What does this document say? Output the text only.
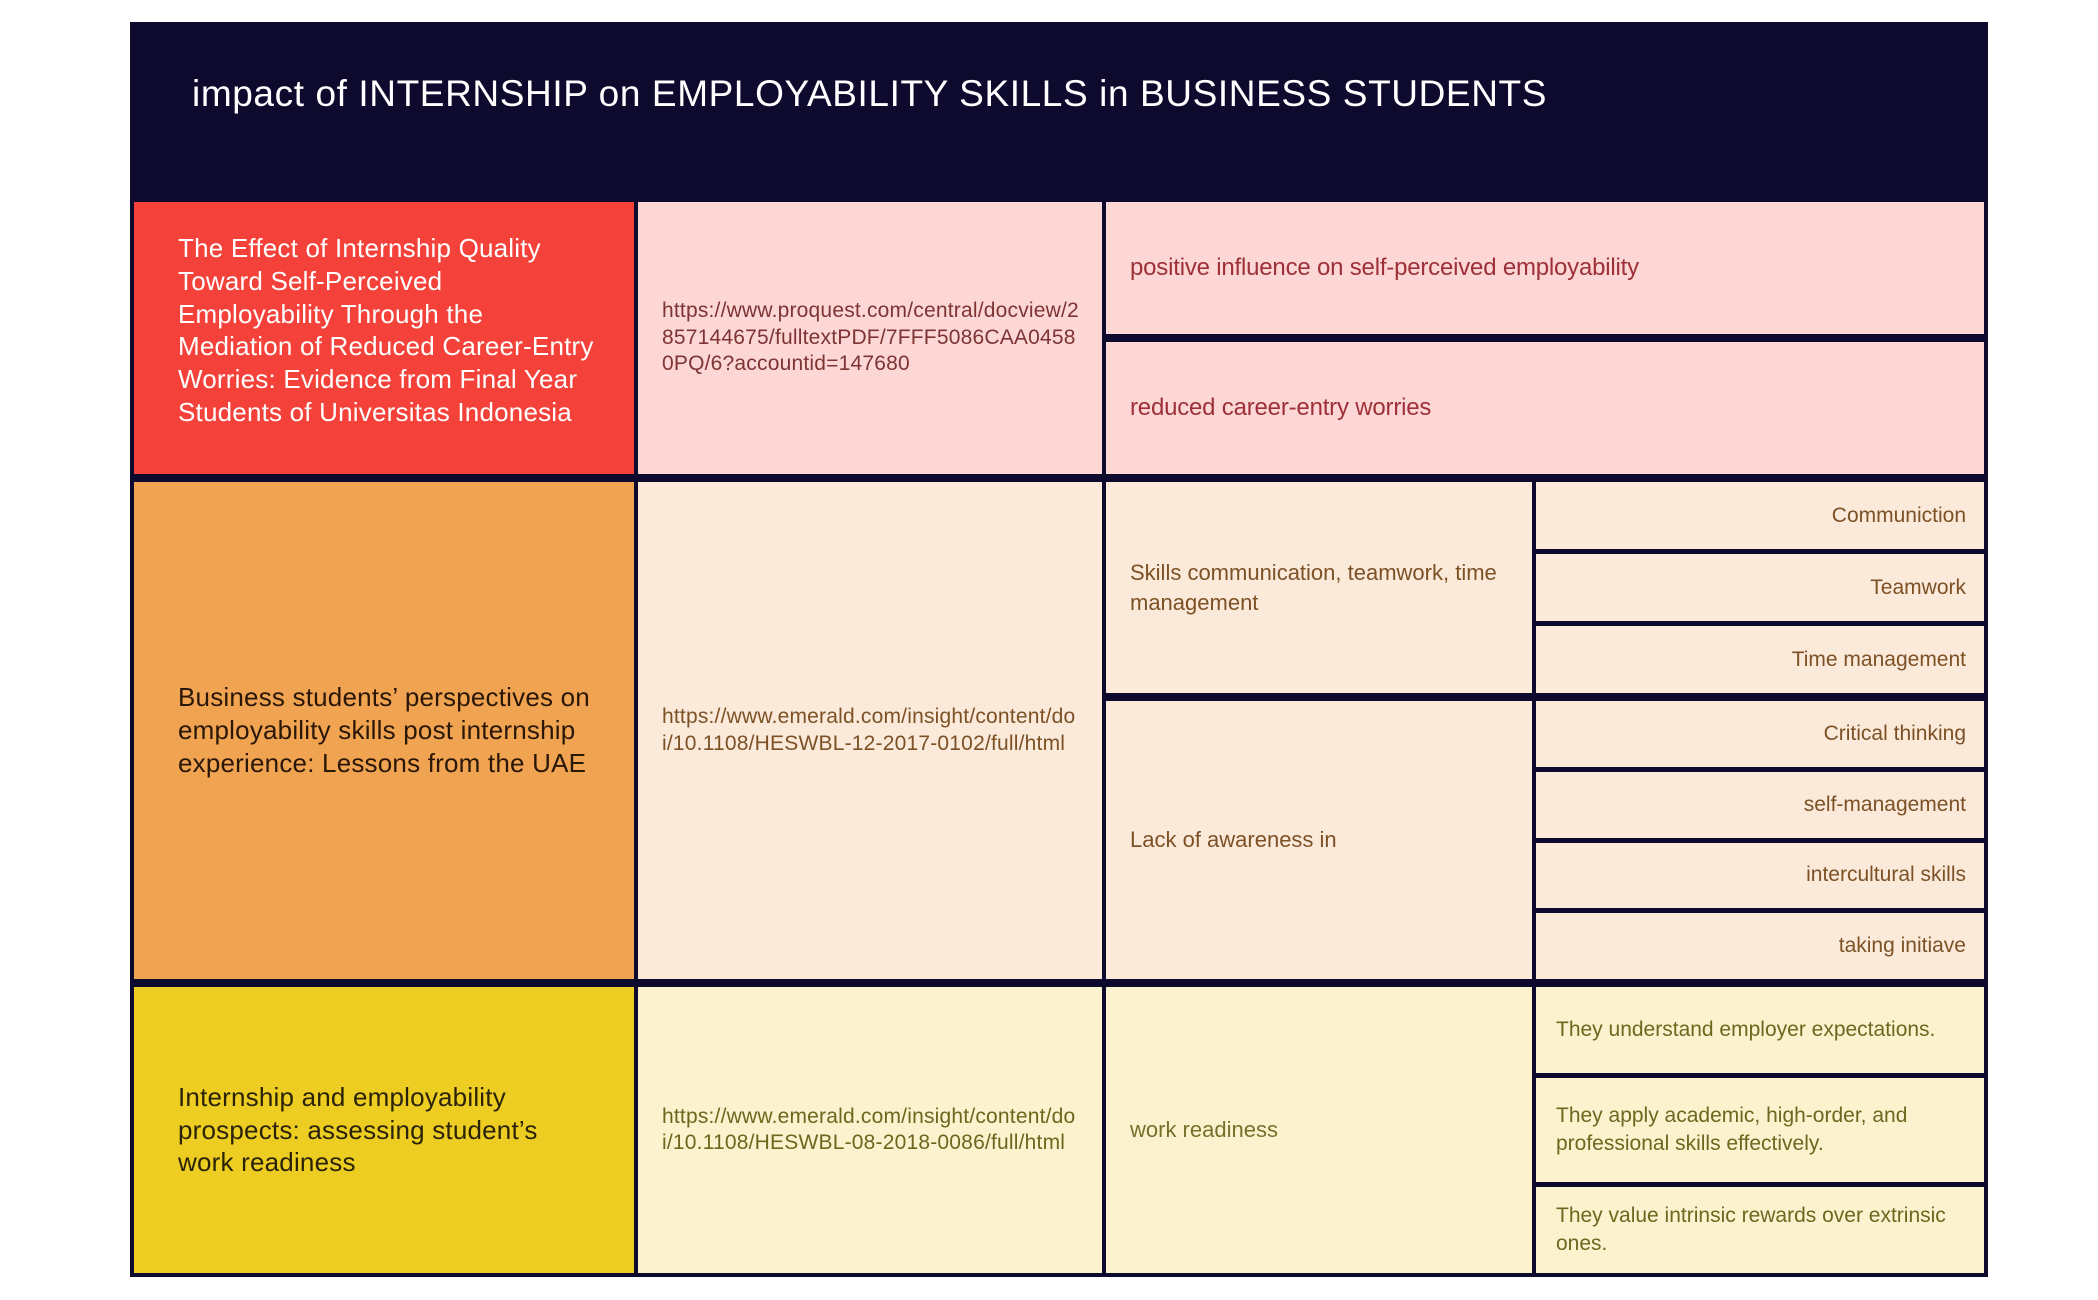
impact of INTERNSHIP on EMPLOYABILITY SKILLS in BUSINESS STUDENTS
The Effect of Internship Quality Toward Self-Perceived Employability Through the Mediation of Reduced Career-Entry Worries: Evidence from Final Year Students of Universitas Indonesia
https://www.proquest.com/central/docview/2857144675/fulltextPDF/7FFF5086CAA04580PQ/6?accountid=147680
positive influence on self-perceived employability
reduced career-entry worries
Business students’ perspectives on employability skills post internship experience: Lessons from the UAE
https://www.emerald.com/insight/content/doi/10.1108/HESWBL-12-2017-0102/full/html
Skills communication, teamwork, time management
Communiction
Teamwork
Time management
Lack of awareness in
Critical thinking
self-management
intercultural skills
taking initiave
Internship and employability prospects: assessing student’s work readiness
https://www.emerald.com/insight/content/doi/10.1108/HESWBL-08-2018-0086/full/html
work readiness
They understand employer expectations.
They apply academic, high-order, and professional skills effectively.
They value intrinsic rewards over extrinsic ones.
